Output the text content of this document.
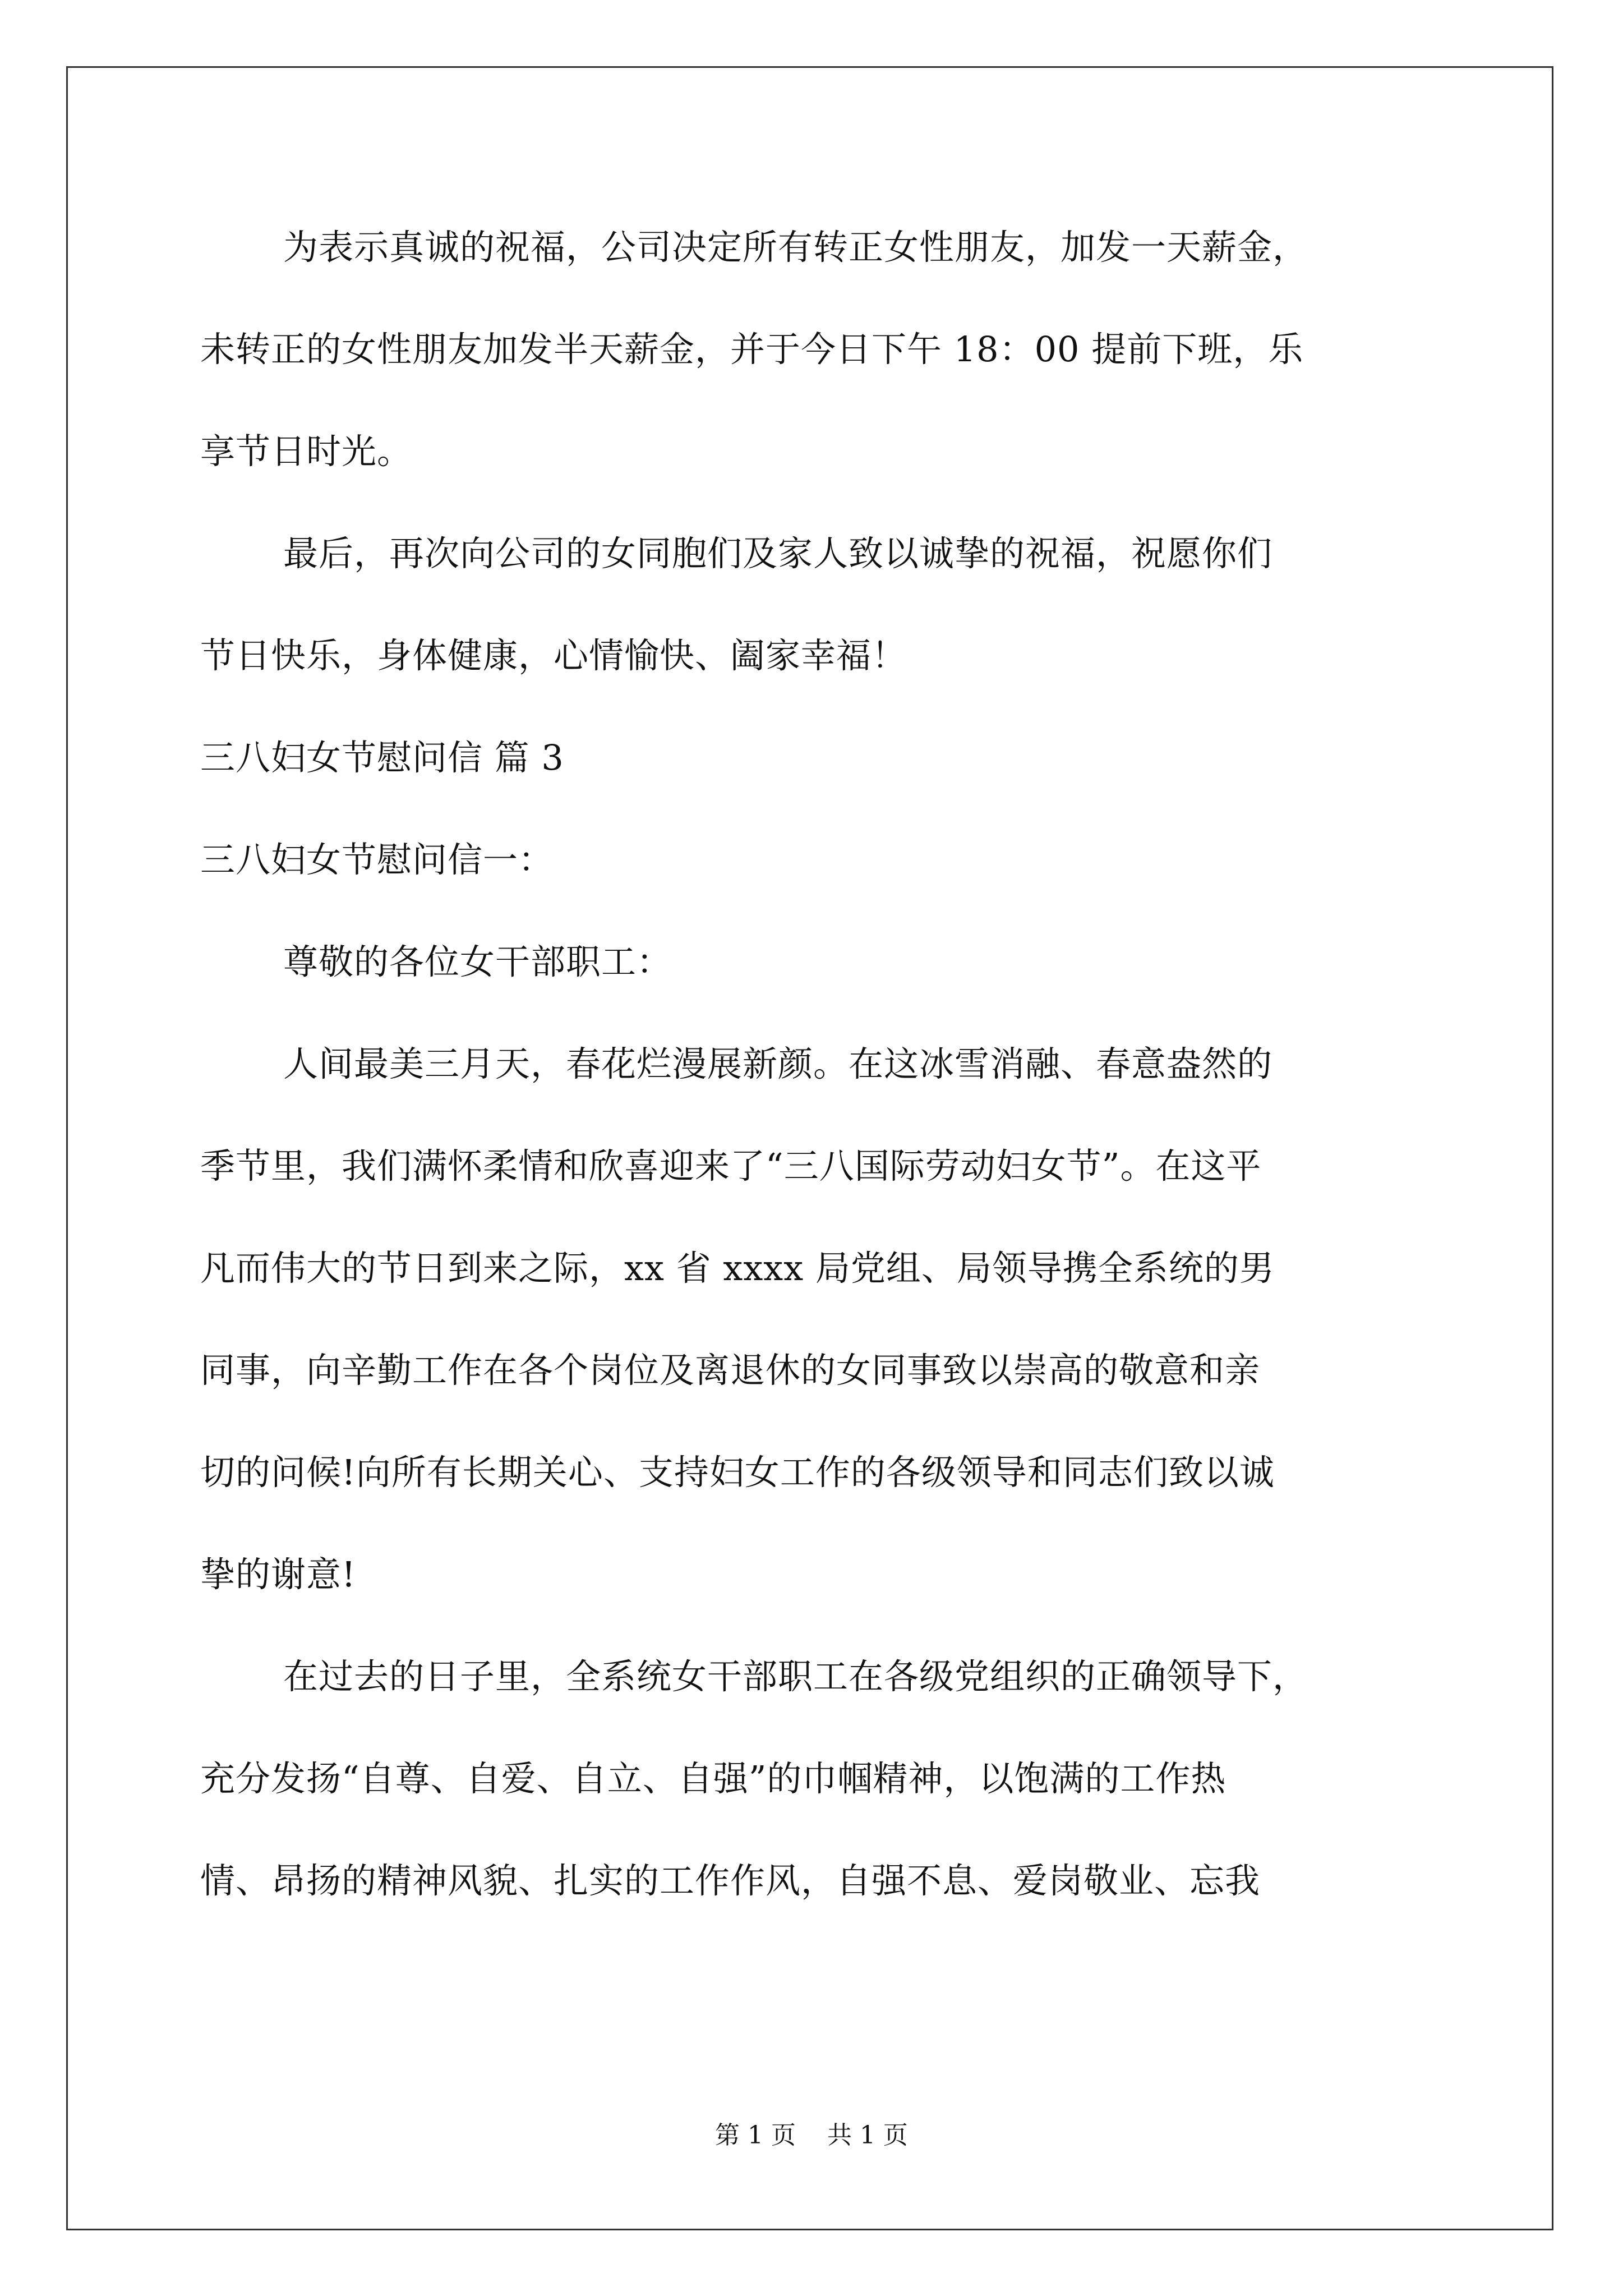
为表示真诚的祝福，公司决定所有转正女性朋友，加发一天薪金，
未转正的女性朋友加发半天薪金，并于今日下午 18：00 提前下班，乐
享节日时光。
最后，再次向公司的女同胞们及家人致以诚挚的祝福，祝愿你们
节日快乐，身体健康，心情愉快、阖家幸福！
三八妇女节慰问信 篇 3
三八妇女节慰问信一：
尊敬的各位女干部职工：
人间最美三月天，春花烂漫展新颜。在这冰雪消融、春意盎然的
季节里，我们满怀柔情和欣喜迎来了“三八国际劳动妇女节”。在这平
凡而伟大的节日到来之际，xx 省 xxxx 局党组、局领导携全系统的男
同事，向辛勤工作在各个岗位及离退休的女同事致以崇高的敬意和亲
切的问候!向所有长期关心、支持妇女工作的各级领导和同志们致以诚
挚的谢意!
在过去的日子里，全系统女干部职工在各级党组织的正确领导下，
充分发扬“自尊、自爱、自立、自强”的巾帼精神，以饱满的工作热
情、昂扬的精神风貌、扎实的工作作风，自强不息、爱岗敬业、忘我
第 1 页    共 1 页
